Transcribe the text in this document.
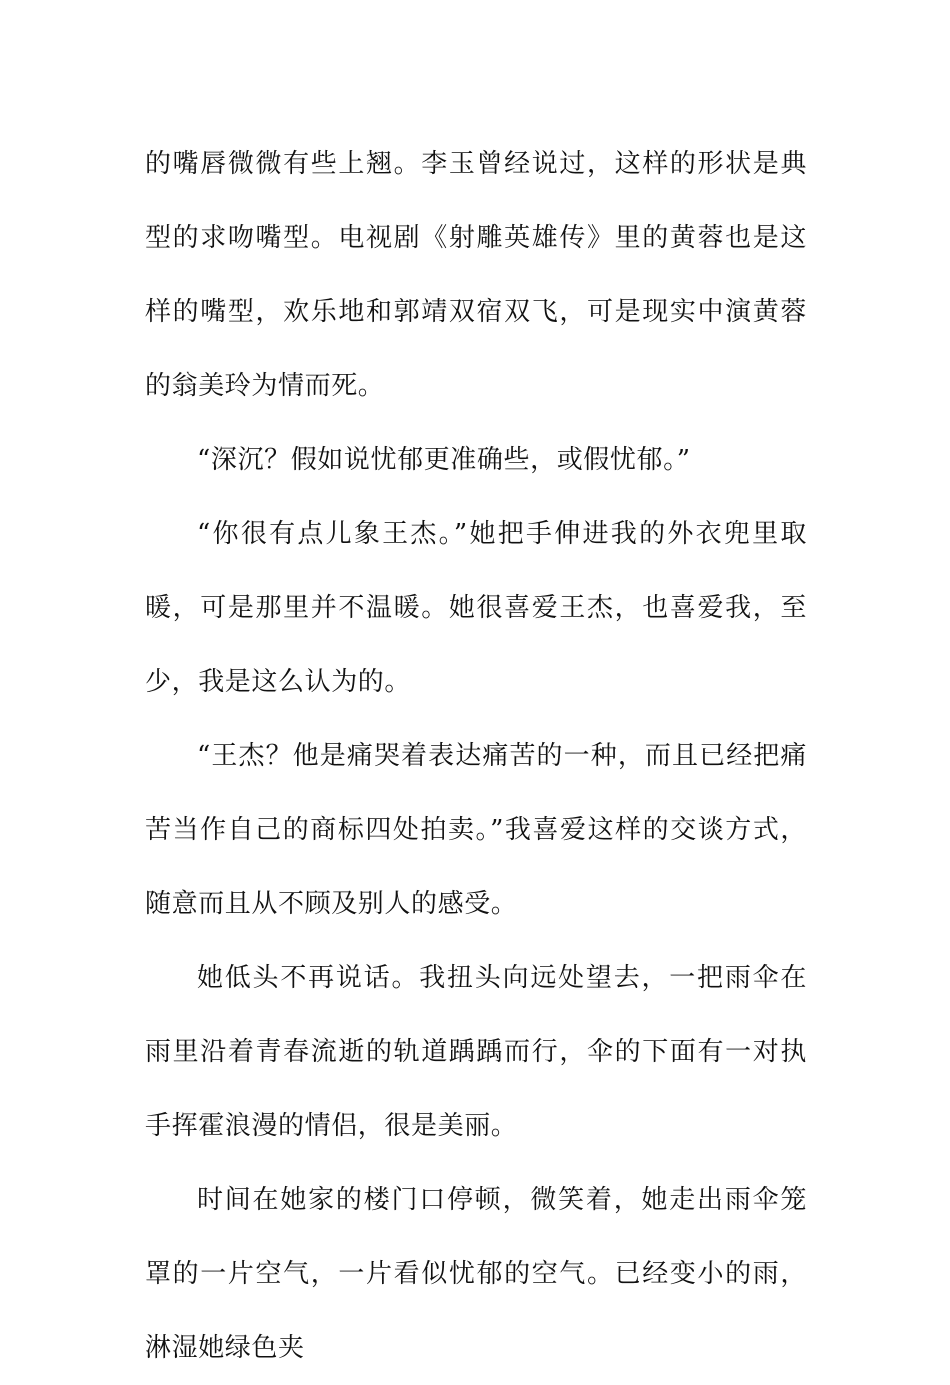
的嘴唇微微有些上翘。李玉曾经说过，这样的形状是典型的求吻嘴型。电视剧《射雕英雄传》里的黄蓉也是这样的嘴型，欢乐地和郭靖双宿双飞，可是现实中演黄蓉的翁美玲为情而死。

“深沉？假如说忧郁更准确些，或假忧郁。”

“你很有点儿象王杰。”她把手伸进我的外衣兜里取暖，可是那里并不温暖。她很喜爱王杰，也喜爱我，至少，我是这么认为的。

“王杰？他是痛哭着表达痛苦的一种，而且已经把痛苦当作自己的商标四处拍卖。”我喜爱这样的交谈方式，随意而且从不顾及别人的感受。

她低头不再说话。我扭头向远处望去，一把雨伞在雨里沿着青春流逝的轨道踽踽而行，伞的下面有一对执手挥霍浪漫的情侣，很是美丽。

时间在她家的楼门口停顿，微笑着，她走出雨伞笼罩的一片空气，一片看似忧郁的空气。已经变小的雨，淋湿她绿色夹
